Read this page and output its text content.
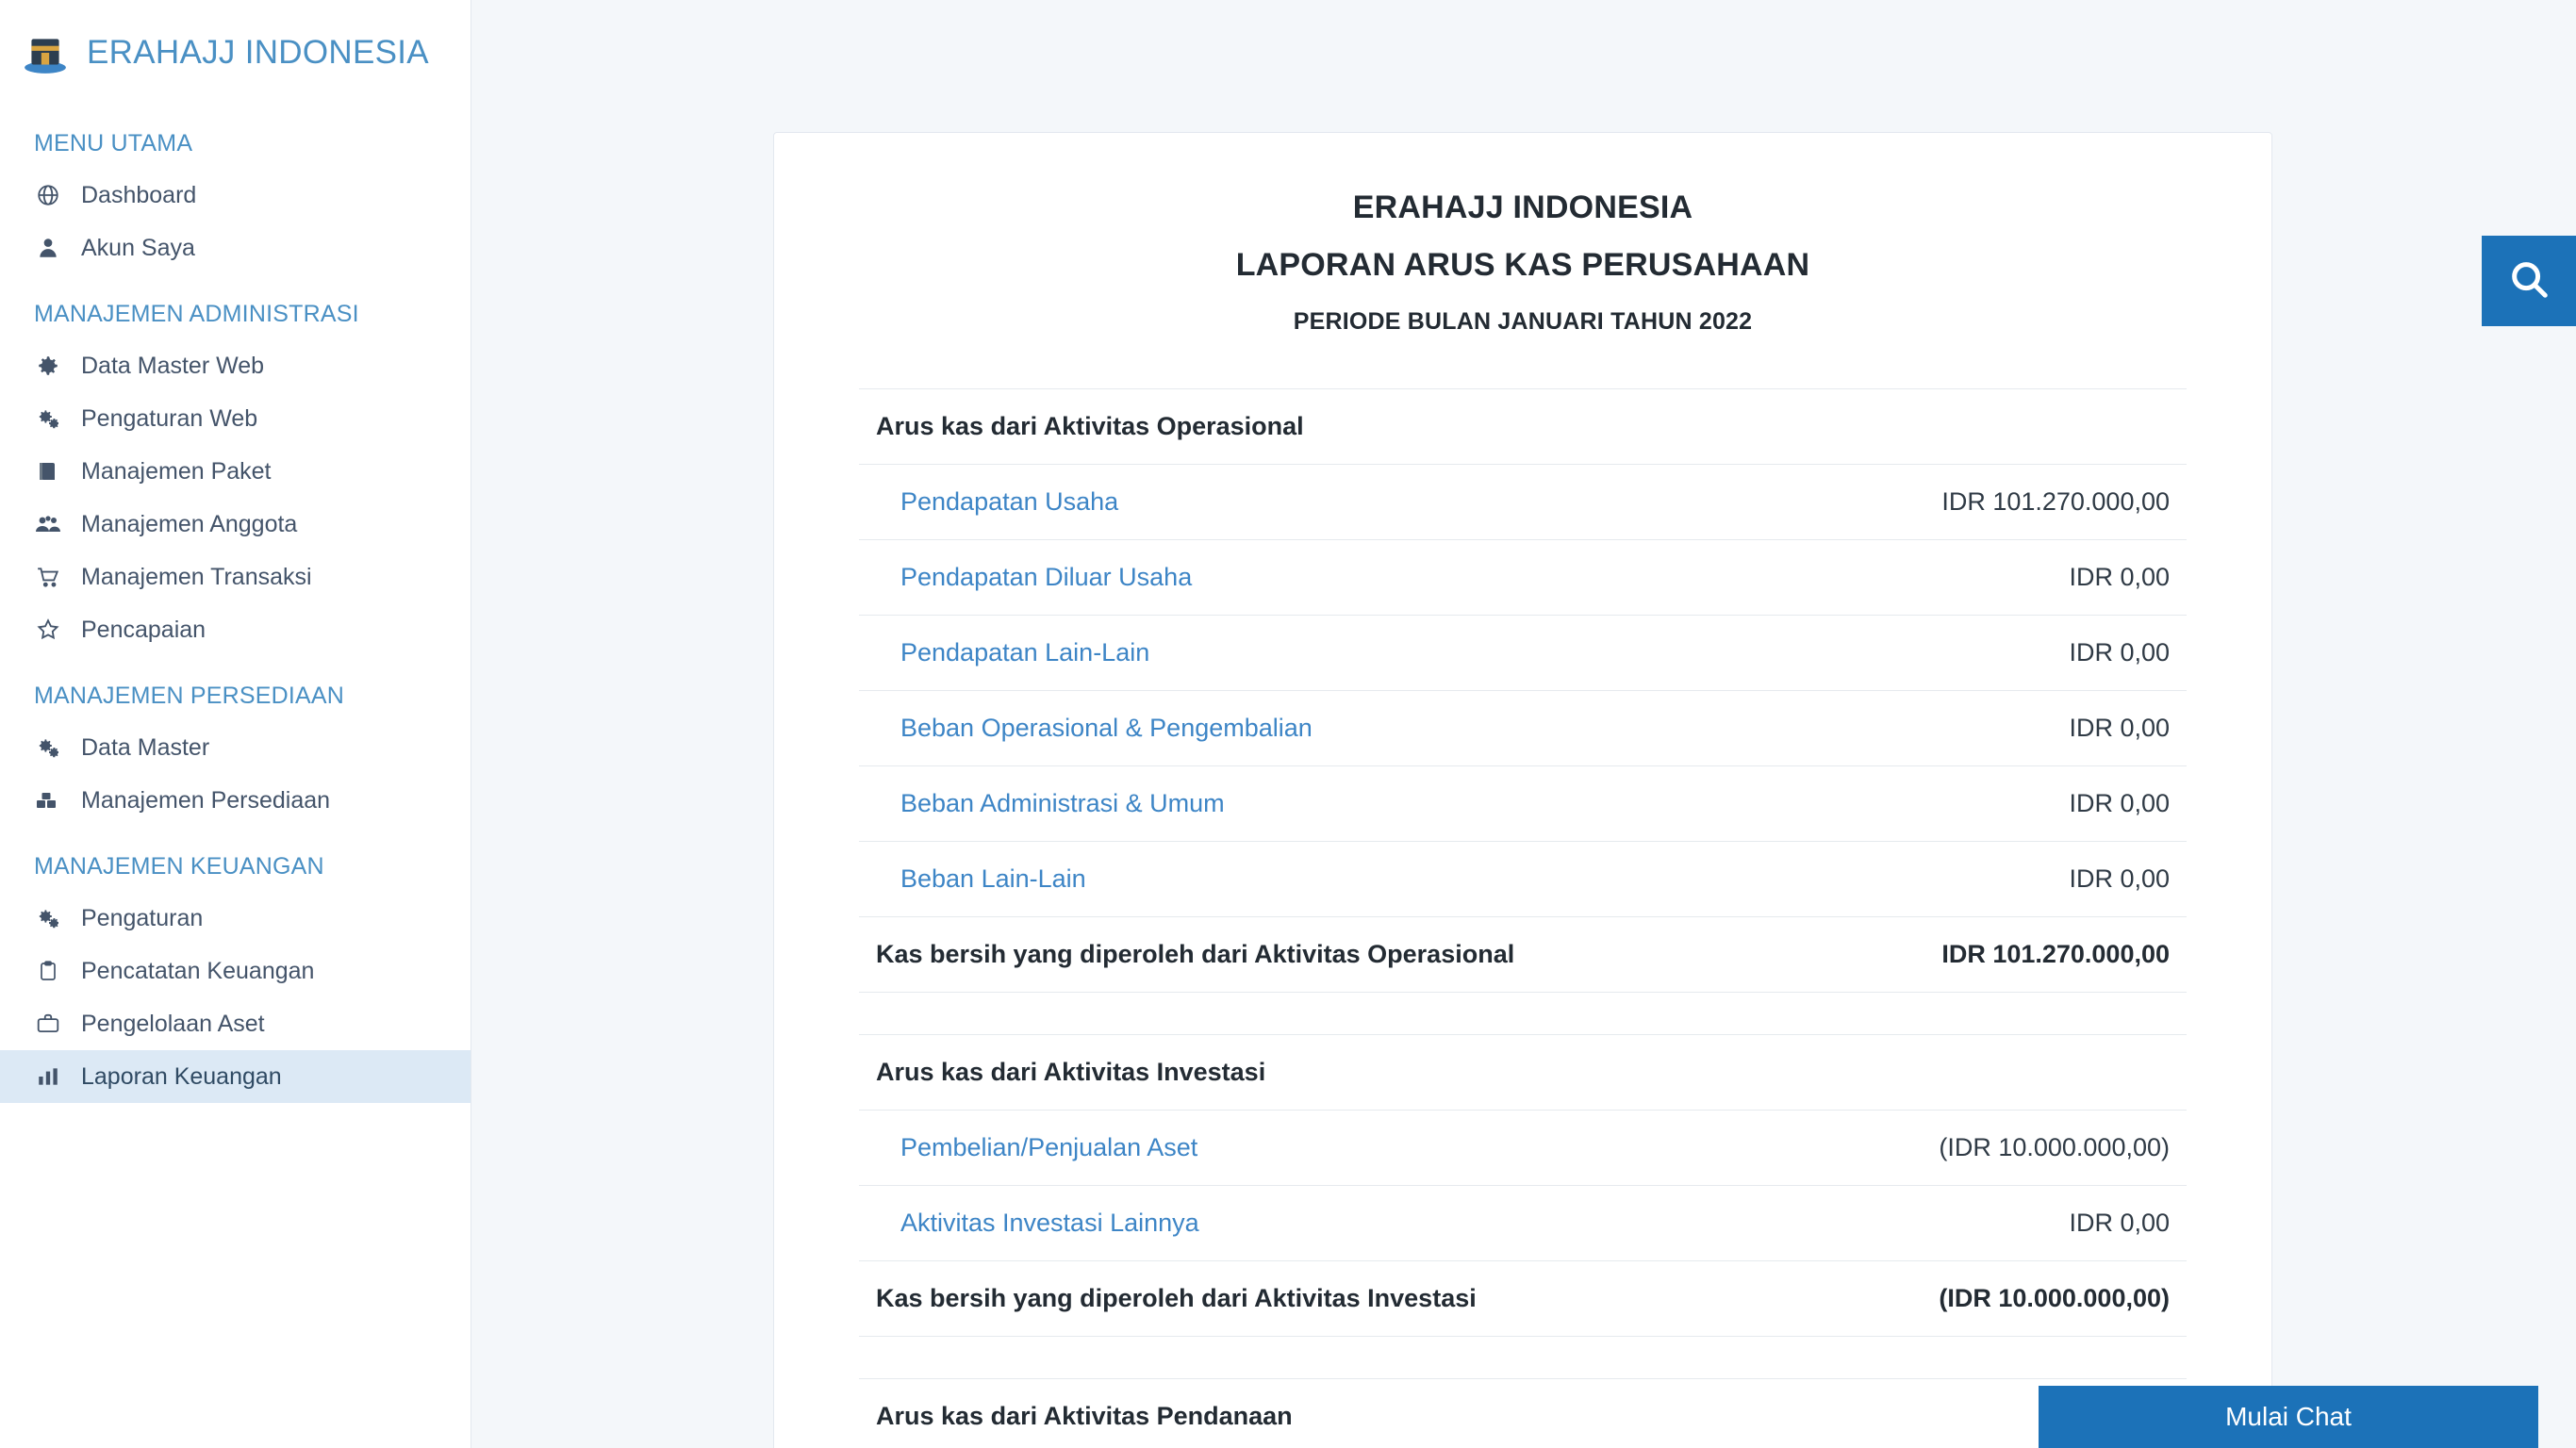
ERAHAJJ INDONESIA
MENU UTAMA
Dashboard
Akun Saya
MANAJEMEN ADMINISTRASI
Data Master Web
Pengaturan Web
Manajemen Paket
Manajemen Anggota
Manajemen Transaksi
Pencapaian
MANAJEMEN PERSEDIAAN
Data Master
Manajemen Persediaan
MANAJEMEN KEUANGAN
Pengaturan
Pencatatan Keuangan
Pengelolaan Aset
Laporan Keuangan
ERAHAJJ INDONESIA
LAPORAN ARUS KAS PERUSAHAAN
PERIODE BULAN JANUARI TAHUN 2022
Arus kas dari Aktivitas Operasional	
Pendapatan Usaha	IDR 101.270.000,00
Pendapatan Diluar Usaha	IDR 0,00
Pendapatan Lain-Lain	IDR 0,00
Beban Operasional & Pengembalian	IDR 0,00
Beban Administrasi & Umum	IDR 0,00
Beban Lain-Lain	IDR 0,00
Kas bersih yang diperoleh dari Aktivitas Operasional	IDR 101.270.000,00

Arus kas dari Aktivitas Investasi	
Pembelian/Penjualan Aset	(IDR 10.000.000,00)
Aktivitas Investasi Lainnya	IDR 0,00
Kas bersih yang diperoleh dari Aktivitas Investasi	(IDR 10.000.000,00)

Arus kas dari Aktivitas Pendanaan		Mulai Chat
